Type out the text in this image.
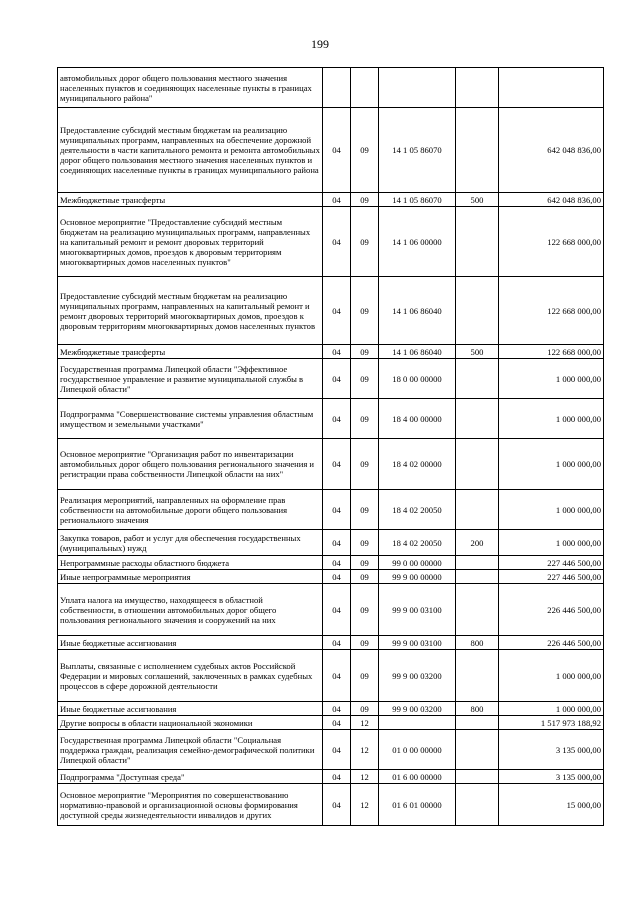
199
автомобильных дорог общего пользования местного значения населенных пунктов и соединяющих населенные пункты в границах муниципального района"					
Предоставление субсидий местным бюджетам на реализацию муниципальных программ, направленных на обеспечение дорожной деятельности в части капитального ремонта и ремонта автомобильных дорог общего пользования местного значения населенных пунктов и соединяющих населенные пункты в границах муниципального района	04	09	14 1 05 86070		642 048 836,00
Межбюджетные трансферты	04	09	14 1 05 86070	500	642 048 836,00
Основное мероприятие "Предоставление субсидий местным бюджетам на реализацию муниципальных программ, направленных на капитальный ремонт и ремонт дворовых территорий многоквартирных домов, проездов к дворовым территориям многоквартирных домов населенных пунктов"	04	09	14 1 06 00000		122 668 000,00
Предоставление субсидий местным бюджетам на реализацию муниципальных программ, направленных на капитальный ремонт и ремонт дворовых территорий многоквартирных домов, проездов к дворовым территориям многоквартирных домов населенных пунктов	04	09	14 1 06 86040		122 668 000,00
Межбюджетные трансферты	04	09	14 1 06 86040	500	122 668 000,00
Государственная программа Липецкой области "Эффективное государственное управление и развитие муниципальной службы в Липецкой области"	04	09	18 0 00 00000		1 000 000,00
Подпрограмма "Совершенствование системы управления областным имуществом и земельными участками"	04	09	18 4 00 00000		1 000 000,00
Основное мероприятие "Организация работ по инвентаризации автомобильных дорог общего пользования регионального значения и регистрации права собственности Липецкой области на них"	04	09	18 4 02 00000		1 000 000,00
Реализация мероприятий, направленных на оформление прав собственности на автомобильные дороги общего пользования регионального значения	04	09	18 4 02 20050		1 000 000,00
Закупка товаров, работ и услуг для обеспечения государственных (муниципальных) нужд	04	09	18 4 02 20050	200	1 000 000,00
Непрограммные расходы областного бюджета	04	09	99 0 00 00000		227 446 500,00
Иные непрограммные мероприятия	04	09	99 9 00 00000		227 446 500,00
Уплата налога на имущество, находящееся в областной собственности, в отношении автомобильных дорог общего пользования регионального значения и сооружений на них	04	09	99 9 00 03100		226 446 500,00
Иные бюджетные ассигнования	04	09	99 9 00 03100	800	226 446 500,00
Выплаты, связанные с исполнением судебных актов Российской Федерации и мировых соглашений, заключенных в рамках судебных процессов в сфере дорожной деятельности	04	09	99 9 00 03200		1 000 000,00
Иные бюджетные ассигнования	04	09	99 9 00 03200	800	1 000 000,00
Другие вопросы в области национальной экономики	04	12			1 517 973 188,92
Государственная программа Липецкой области "Социальная поддержка граждан, реализация семейно-демографической политики Липецкой области"	04	12	01 0 00 00000		3 135 000,00
Подпрограмма "Доступная среда"	04	12	01 6 00 00000		3 135 000,00
Основное мероприятие "Мероприятия по совершенствованию нормативно-правовой и организационной основы формирования доступной среды жизнедеятельности инвалидов и других	04	12	01 6 01 00000		15 000,00
